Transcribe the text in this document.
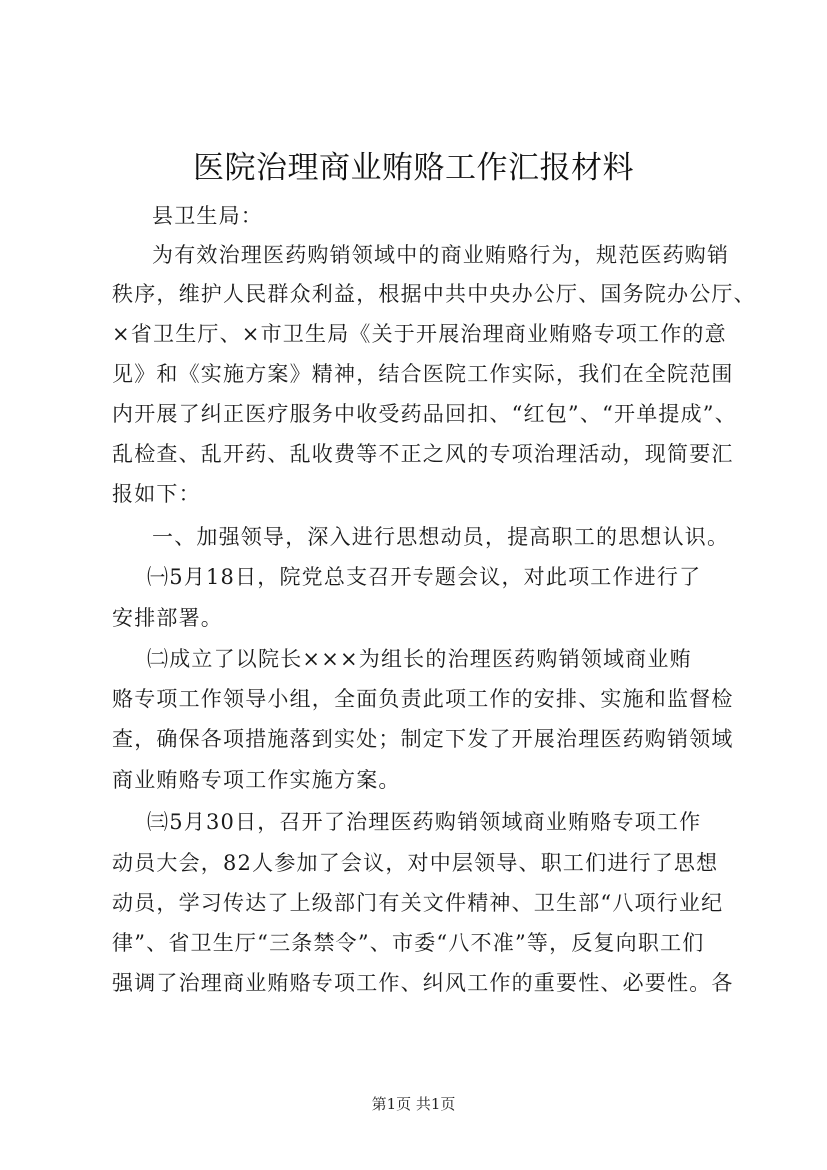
医院治理商业贿赂工作汇报材料
县卫生局：
为有效治理医药购销领域中的商业贿赂行为，规范医药购销
秩序，维护人民群众利益，根据中共中央办公厅、国务院办公厅、
×省卫生厅、×市卫生局《关于开展治理商业贿赂专项工作的意
见》和《实施方案》精神，结合医院工作实际，我们在全院范围
内开展了纠正医疗服务中收受药品回扣、“红包”、“开单提成”、
乱检查、乱开药、乱收费等不正之风的专项治理活动，现简要汇
报如下：
一、加强领导，深入进行思想动员，提高职工的思想认识。
㈠5月18日，院党总支召开专题会议，对此项工作进行了
安排部署。
㈡成立了以院长×××为组长的治理医药购销领域商业贿
赂专项工作领导小组，全面负责此项工作的安排、实施和监督检
查，确保各项措施落到实处；制定下发了开展治理医药购销领域
商业贿赂专项工作实施方案。
㈢5月30日，召开了治理医药购销领域商业贿赂专项工作
动员大会，82人参加了会议，对中层领导、职工们进行了思想
动员，学习传达了上级部门有关文件精神、卫生部“八项行业纪
律”、省卫生厅“三条禁令”、市委“八不准”等，反复向职工们
强调了治理商业贿赂专项工作、纠风工作的重要性、必要性。各
第1页 共1页
